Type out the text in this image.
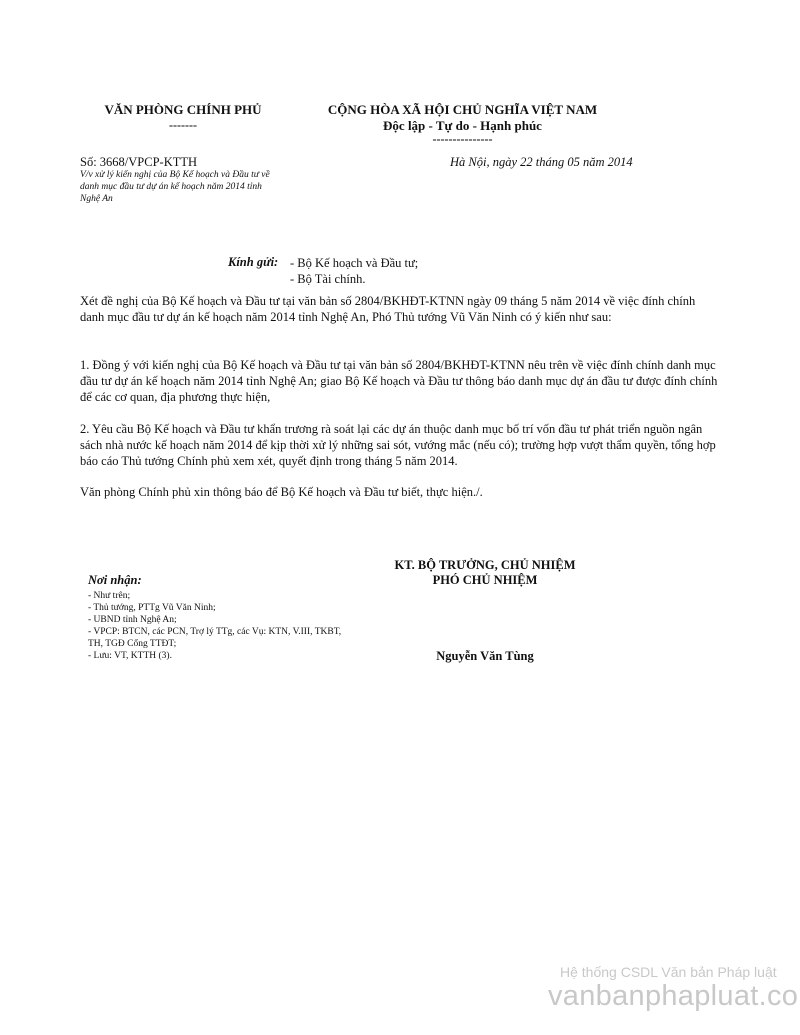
VĂN PHÒNG CHÍNH PHỦ
-------
CỘNG HÒA XÃ HỘI CHỦ NGHĨA VIỆT NAM
Độc lập - Tự do - Hạnh phúc
---------------
Số: 3668/VPCP-KTTH
V/v xử lý kiến nghị của Bộ Kế hoạch và Đầu tư về danh mục đầu tư dự án kế hoạch năm 2014 tỉnh Nghệ An
Hà Nội, ngày 22 tháng 05 năm 2014
Kính gửi: - Bộ Kế hoạch và Đầu tư;
- Bộ Tài chính.
Xét đề nghị của Bộ Kế hoạch và Đầu tư tại văn bản số 2804/BKHĐT-KTNN ngày 09 tháng 5 năm 2014 về việc đính chính danh mục đầu tư dự án kế hoạch năm 2014 tỉnh Nghệ An, Phó Thủ tướng Vũ Văn Ninh có ý kiến như sau:
1. Đồng ý với kiến nghị của Bộ Kế hoạch và Đầu tư tại văn bản số 2804/BKHĐT-KTNN nêu trên về việc đính chính danh mục đầu tư dự án kế hoạch năm 2014 tỉnh Nghệ An; giao Bộ Kế hoạch và Đầu tư thông báo danh mục dự án đầu tư được đính chính để các cơ quan, địa phương thực hiện,
2. Yêu cầu Bộ Kế hoạch và Đầu tư khẩn trương rà soát lại các dự án thuộc danh mục bố trí vốn đầu tư phát triển nguồn ngân sách nhà nước kế hoạch năm 2014 để kịp thời xử lý những sai sót, vướng mắc (nếu có); trường hợp vượt thẩm quyền, tổng hợp báo cáo Thủ tướng Chính phủ xem xét, quyết định trong tháng 5 năm 2014.
Văn phòng Chính phủ xin thông báo để Bộ Kế hoạch và Đầu tư biết, thực hiện./.
KT. BỘ TRƯỞNG, CHỦ NHIỆM
PHÓ CHỦ NHIỆM
Nguyễn Văn Tùng
Nơi nhận:
- Như trên;
- Thủ tướng, PTTg Vũ Văn Ninh;
- UBND tỉnh Nghệ An;
- VPCP: BTCN, các PCN, Trợ lý TTg, các Vụ: KTN, V.III, TKBT, TH, TGĐ Cổng TTĐT;
- Lưu: VT, KTTH (3).
Hệ thống CSDL Văn bản Pháp luật
vanbanphapluat.co
